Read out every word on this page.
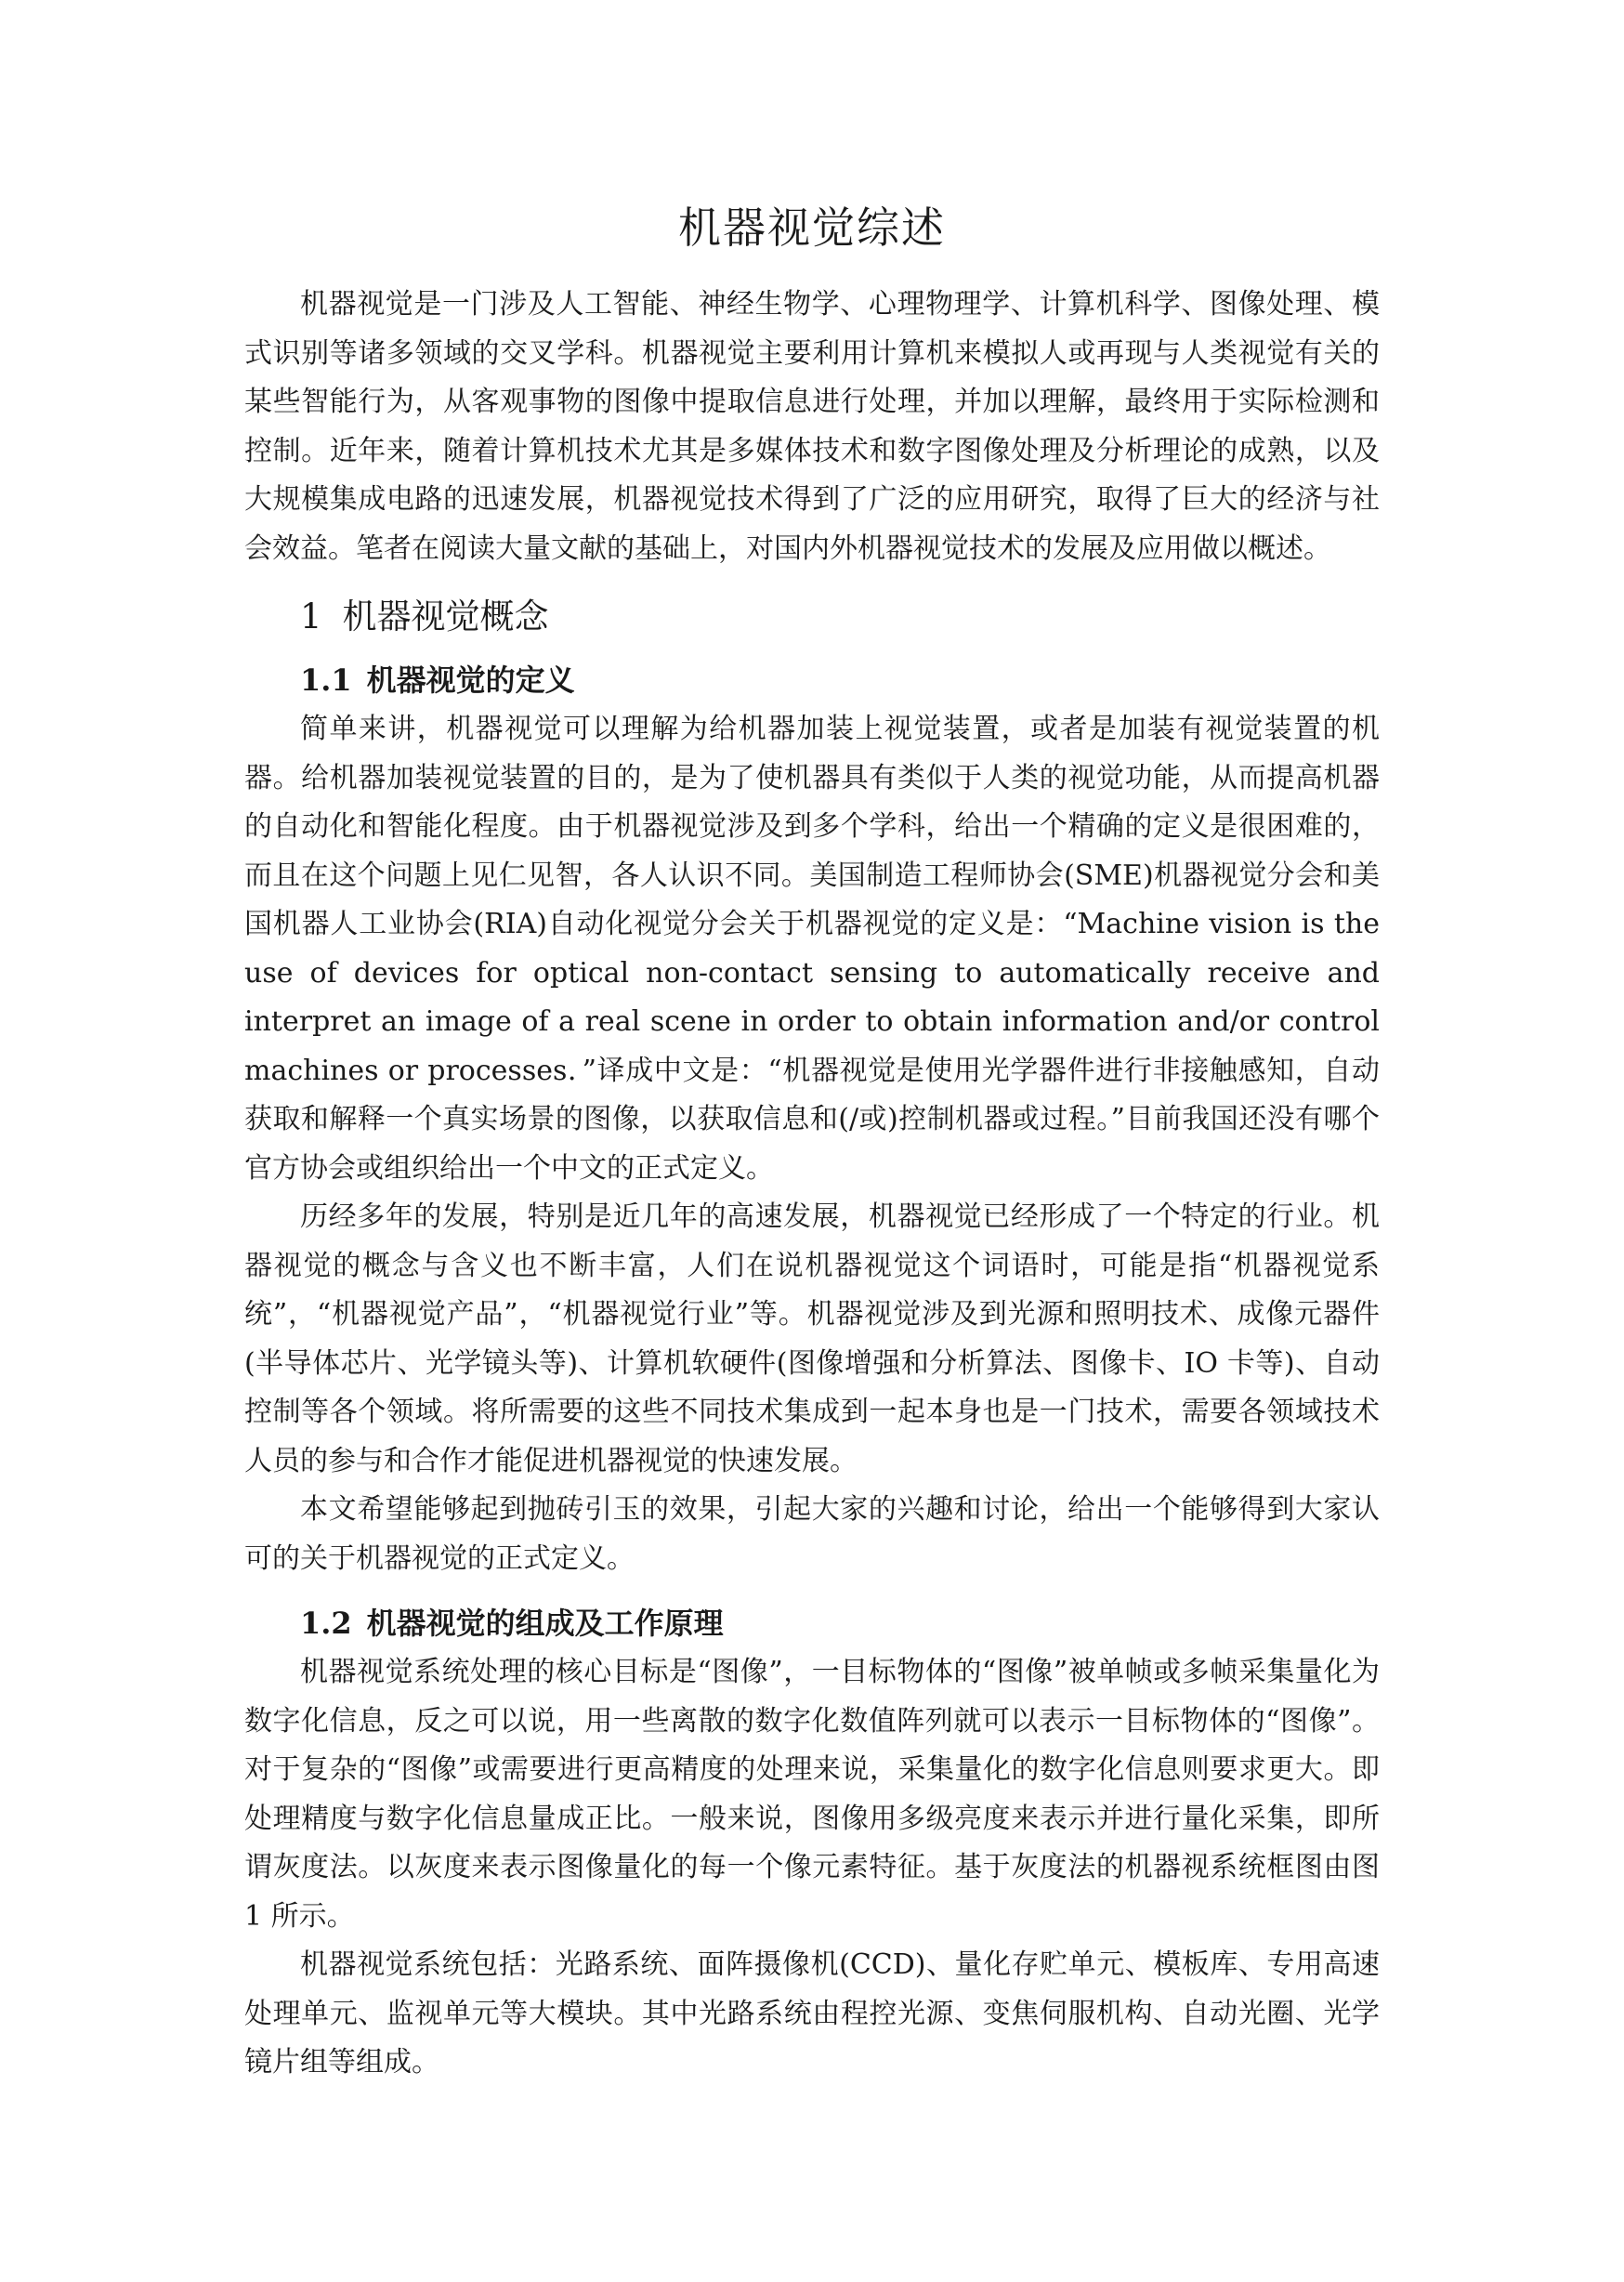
机器视觉综述

机器视觉是一门涉及人工智能、神经生物学、心理物理学、计算机科学、图像处理、模式识别等诸多领域的交叉学科。机器视觉主要利用计算机来模拟人或再现与人类视觉有关的某些智能行为，从客观事物的图像中提取信息进行处理，并加以理解，最终用于实际检测和控制。近年来，随着计算机技术尤其是多媒体技术和数字图像处理及分析理论的成熟，以及大规模集成电路的迅速发展，机器视觉技术得到了广泛的应用研究，取得了巨大的经济与社会效益。笔者在阅读大量文献的基础上，对国内外机器视觉技术的发展及应用做以概述。

1 机器视觉概念
1.1 机器视觉的定义

简单来讲，机器视觉可以理解为给机器加装上视觉装置，或者是加装有视觉装置的机器。给机器加装视觉装置的目的，是为了使机器具有类似于人类的视觉功能，从而提高机器的自动化和智能化程度。由于机器视觉涉及到多个学科，给出一个精确的定义是很困难的，而且在这个问题上见仁见智，各人认识不同。美国制造工程师协会(SME)机器视觉分会和美国机器人工业协会(RIA)自动化视觉分会关于机器视觉的定义是：“Machine vision is the use of devices for optical non-contact sensing to automatically receive and interpret an image of a real scene in order to obtain information and/or control machines or processes．”译成中文是：“机器视觉是使用光学器件进行非接触感知，自动获取和解释一个真实场景的图像，以获取信息和(/或)控制机器或过程。”目前我国还没有哪个官方协会或组织给出一个中文的正式定义。

历经多年的发展，特别是近几年的高速发展，机器视觉已经形成了一个特定的行业。机器视觉的概念与含义也不断丰富，人们在说机器视觉这个词语时，可能是指“机器视觉系统”，“机器视觉产品”，“机器视觉行业”等。机器视觉涉及到光源和照明技术、成像元器件(半导体芯片、光学镜头等)、计算机软硬件(图像增强和分析算法、图像卡、IO 卡等)、自动控制等各个领域。将所需要的这些不同技术集成到一起本身也是一门技术，需要各领域技术人员的参与和合作才能促进机器视觉的快速发展。

本文希望能够起到抛砖引玉的效果，引起大家的兴趣和讨论，给出一个能够得到大家认可的关于机器视觉的正式定义。

1.2 机器视觉的组成及工作原理

机器视觉系统处理的核心目标是“图像”，一目标物体的“图像”被单帧或多帧采集量化为数字化信息，反之可以说，用一些离散的数字化数值阵列就可以表示一目标物体的“图像”。对于复杂的“图像”或需要进行更高精度的处理来说，采集量化的数字化信息则要求更大。即处理精度与数字化信息量成正比。一般来说，图像用多级亮度来表示并进行量化采集，即所谓灰度法。以灰度来表示图像量化的每一个像元素特征。基于灰度法的机器视系统框图由图 1 所示。

机器视觉系统包括：光路系统、面阵摄像机(CCD)、量化存贮单元、模板库、专用高速处理单元、监视单元等大模块。其中光路系统由程控光源、变焦伺服机构、自动光圈、光学镜片组等组成。
